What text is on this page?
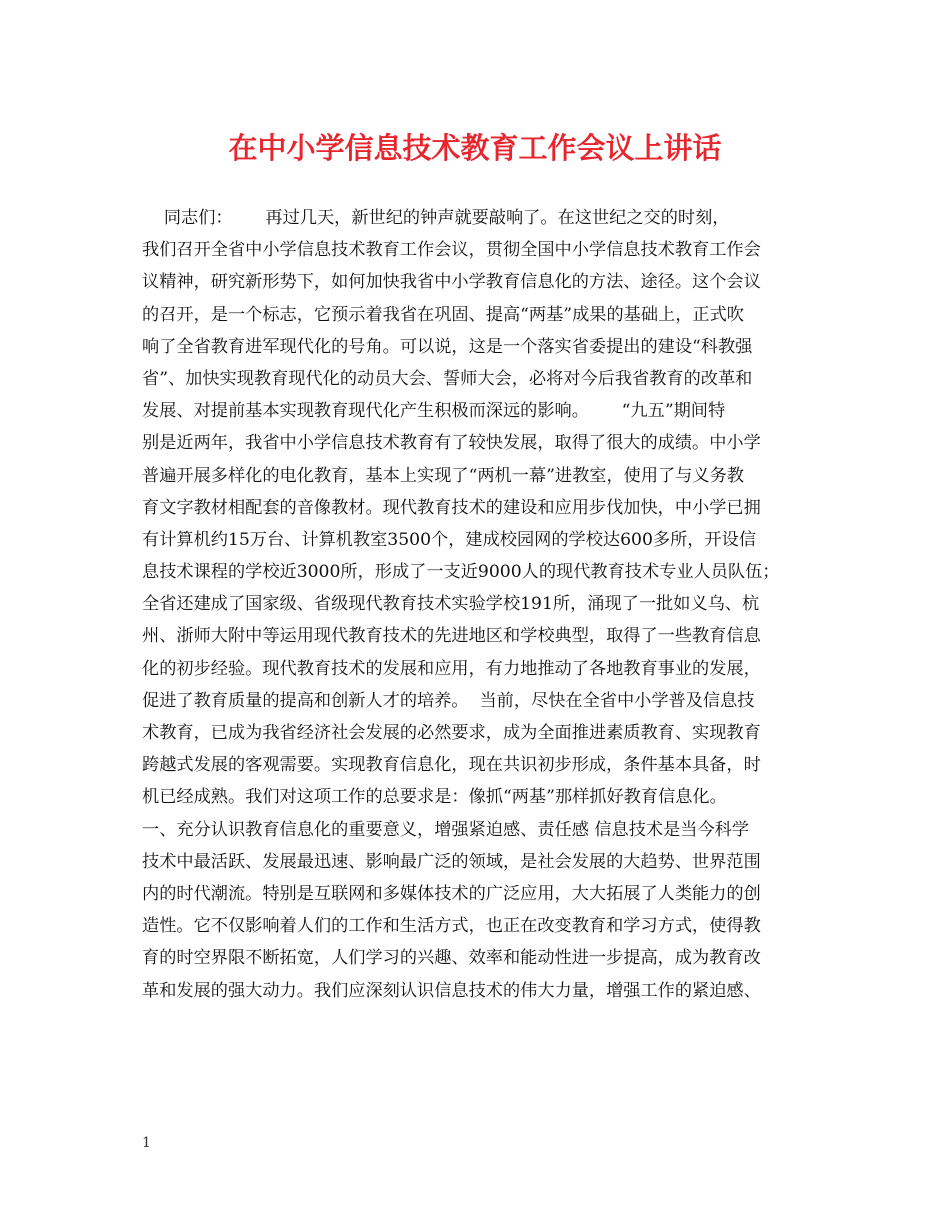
在中小学信息技术教育工作会议上讲话
同志们：      再过几天，新世纪的钟声就要敲响了。在这世纪之交的时刻，
我们召开全省中小学信息技术教育工作会议，贯彻全国中小学信息技术教育工作会
议精神，研究新形势下，如何加快我省中小学教育信息化的方法、途径。这个会议
的召开，是一个标志，它预示着我省在巩固、提高“两基”成果的基础上，正式吹
响了全省教育进军现代化的号角。可以说，这是一个落实省委提出的建设“科教强
省”、加快实现教育现代化的动员大会、誓师大会，必将对今后我省教育的改革和
发展、对提前基本实现教育现代化产生积极而深远的影响。      “九五”期间特
别是近两年，我省中小学信息技术教育有了较快发展，取得了很大的成绩。中小学
普遍开展多样化的电化教育，基本上实现了“两机一幕”进教室，使用了与义务教
育文字教材相配套的音像教材。现代教育技术的建设和应用步伐加快，中小学已拥
有计算机约15万台、计算机教室3500个，建成校园网的学校达600多所，开设信
息技术课程的学校近3000所，形成了一支近9000人的现代教育技术专业人员队伍；
全省还建成了国家级、省级现代教育技术实验学校191所，涌现了一批如义乌、杭
州、浙师大附中等运用现代教育技术的先进地区和学校典型，取得了一些教育信息
化的初步经验。现代教育技术的发展和应用，有力地推动了各地教育事业的发展，
促进了教育质量的提高和创新人才的培养。  当前，尽快在全省中小学普及信息技
术教育，已成为我省经济社会发展的必然要求，成为全面推进素质教育、实现教育
跨越式发展的客观需要。实现教育信息化，现在共识初步形成，条件基本具备，时
机已经成熟。我们对这项工作的总要求是：像抓“两基”那样抓好教育信息化。
一、充分认识教育信息化的重要意义，增强紧迫感、责任感 信息技术是当今科学
技术中最活跃、发展最迅速、影响最广泛的领域，是社会发展的大趋势、世界范围
内的时代潮流。特别是互联网和多媒体技术的广泛应用，大大拓展了人类能力的创
造性。它不仅影响着人们的工作和生活方式，也正在改变教育和学习方式，使得教
育的时空界限不断拓宽，人们学习的兴趣、效率和能动性进一步提高，成为教育改
革和发展的强大动力。我们应深刻认识信息技术的伟大力量，增强工作的紧迫感、
1
